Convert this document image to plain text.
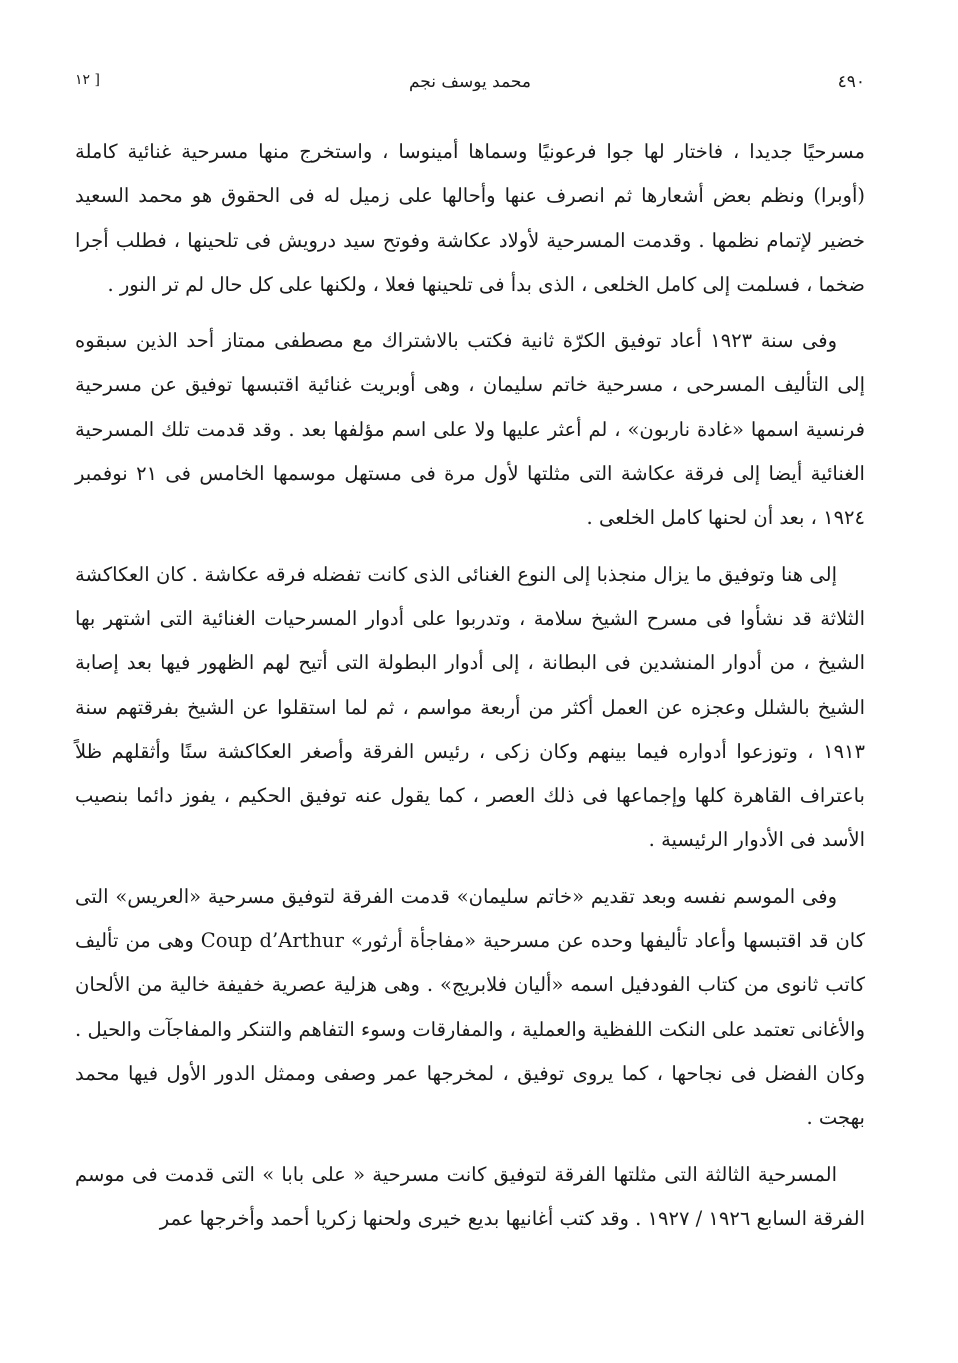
٤٩٠
محمد يوسف نجم
[ ١٢

مسرحيًا جديدا ، فاختار لها جوا فرعونيًا وسماها أمينوسا ، واستخرج منها مسرحية غنائية كاملة (أوبرا) ونظم بعض أشعارها ثم انصرف عنها وأحالها على زميل له فى الحقوق هو محمد السعيد خضير لإتمام نظمها . وقدمت المسرحية لأولاد عكاشة وفوتح سيد درويش فى تلحينها ، فطلب أجرا ضخما ، فسلمت إلى كامل الخلعى ، الذى بدأ فى تلحينها فعلا ، ولكنها على كل حال لم تر النور .

وفى سنة ١٩٢٣ أعاد توفيق الكرّة ثانية فكتب بالاشتراك مع مصطفى ممتاز أحد الذين سبقوه إلى التأليف المسرحى ، مسرحية خاتم سليمان ، وهى أوبريت غنائية اقتبسها توفيق عن مسرحية فرنسية اسمها «غادة ناربون» ، لم أعثر عليها ولا على اسم مؤلفها بعد . وقد قدمت تلك المسرحية الغنائية أيضا إلى فرقة عكاشة التى مثلتها لأول مرة فى مستهل موسمها الخامس فى ٢١ نوفمبر ١٩٢٤ ، بعد أن لحنها كامل الخلعى .

إلى هنا وتوفيق ما يزال منجذبا إلى النوع الغنائى الذى كانت تفضله فرقه عكاشة . كان العكاكشة الثلاثة قد نشأوا فى مسرح الشيخ سلامة ، وتدربوا على أدوار المسرحيات الغنائية التى اشتهر بها الشيخ ، من أدوار المنشدين فى البطانة ، إلى أدوار البطولة التى أتيح لهم الظهور فيها بعد إصابة الشيخ بالشلل وعجزه عن العمل أكثر من أربعة مواسم ، ثم لما استقلوا عن الشيخ بفرقتهم سنة ١٩١٣ ، وتوزعوا أدواره فيما بينهم وكان زكى ، رئيس الفرقة وأصغر العكاكشة سنًا وأثقلهم ظلاً باعتراف القاهرة كلها وإجماعها فى ذلك العصر ، كما يقول عنه توفيق الحكيم ، يفوز دائما بنصيب الأسد فى الأدوار الرئيسية .

وفى الموسم نفسه وبعد تقديم «خاتم سليمان» قدمت الفرقة لتوفيق مسرحية «العريس» التى كان قد اقتبسها وأعاد تأليفها وحده عن مسرحية «مفاجأة أرثور» Coup d’Arthur وهى من تأليف كاتب ثانوى من كتاب الفودفيل اسمه «أليان فلابريج» . وهى هزلية عصرية خفيفة خالية من الألحان والأغانى تعتمد على النكت اللفظية والعملية ، والمفارقات وسوء التفاهم والتنكر والمفاجآت والحيل . وكان الفضل فى نجاحها ، كما يروى توفيق ، لمخرجها عمر وصفى وممثل الدور الأول فيها محمد بهجت .

المسرحية الثالثة التى مثلتها الفرقة لتوفيق كانت مسرحية « على بابا » التى قدمت فى موسم الفرقة السابع ١٩٢٦ / ١٩٢٧ . وقد كتب أغانيها بديع خيرى ولحنها زكريا أحمد وأخرجها عمر
